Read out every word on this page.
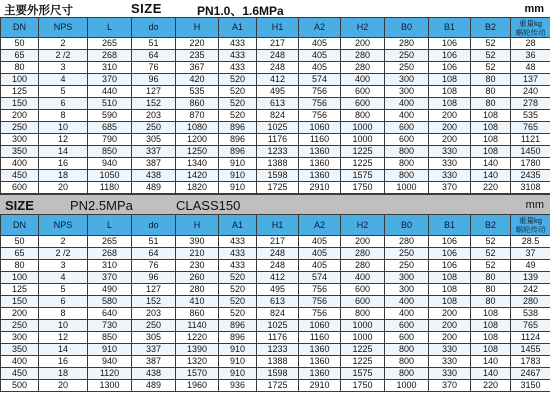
主要外形尺寸	SIZE	PN1.0、1.6MPa	mm
DN	NPS	L	do	H	A1	H1	A2	H2	B0	B1	B2	重量kg
蜗轮传动

50	2	265	51	220	433	217	405	200	280	106	52	28
65	2 /2	268	64	235	433	248	405	280	250	106	52	36
80	3	310	76	367	433	248	405	280	250	106	52	48
100	4	370	96	420	520	412	574	400	300	108	80	137
125	5	440	127	535	520	495	756	600	300	108	80	240
150	6	510	152	860	520	613	756	600	400	108	80	278
200	8	590	203	870	520	824	756	800	400	200	108	535
250	10	685	250	1080	896	1025	1060	1000	600	200	108	765
300	12	790	305	1200	896	1176	1160	1000	600	200	108	1121
350	14	850	337	1250	896	1233	1360	1225	800	330	108	1450
400	16	940	387	1340	910	1388	1360	1225	800	330	140	1780
450	18	1050	438	1420	910	1598	1360	1575	800	330	140	2435
600	20	1180	489	1820	910	1725	2910	1750	1000	370	220	3108
SIZE	PN2.5MPa	CLASS150	mm
DN	NPS	L	do	H	A1	H1	A2	H2	B0	B1	B2	重量kg
蜗轮传动

50	2	265	51	390	433	217	405	200	280	106	52	28.5
65	2 /2	268	64	210	433	248	405	280	250	106	52	37
80	3	310	76	230	433	248	405	280	250	106	52	49
100	4	370	96	260	520	412	574	400	300	108	80	139
125	5	490	127	280	520	495	756	600	300	108	80	242
150	6	580	152	410	520	613	756	600	400	108	80	280
200	8	640	203	860	520	824	756	800	400	200	108	538
250	10	730	250	1140	896	1025	1060	1000	600	200	108	765
300	12	850	305	1220	896	1176	1160	1000	600	200	108	1124
350	14	910	337	1390	910	1233	1360	1225	800	330	108	1455
400	16	940	387	1320	910	1388	1360	1225	800	330	140	1783
450	18	1120	438	1570	910	1598	1360	1575	800	330	140	2467
500	20	1300	489	1960	936	1725	2910	1750	1000	370	220	3150
